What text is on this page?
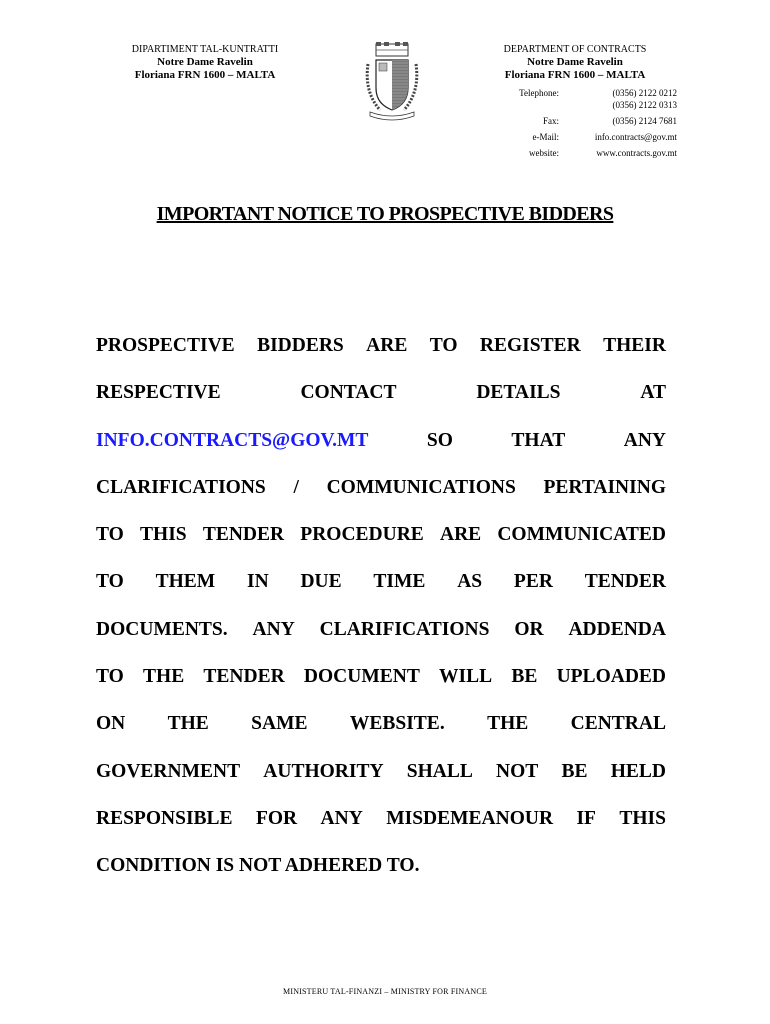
DIPARTIMENT TAL-KUNTRATTI
Notre Dame Ravelin
Floriana FRN 1600 – MALTA
DEPARTMENT OF CONTRACTS
Notre Dame Ravelin
Floriana FRN 1600 – MALTA
Telephone:	(0356) 2122 0212
(0356) 2122 0313
Fax:	(0356) 2124 7681
e-Mail:	info.contracts@gov.mt
website:	www.contracts.gov.mt
IMPORTANT NOTICE TO PROSPECTIVE BIDDERS
PROSPECTIVE BIDDERS ARE TO REGISTER THEIR
RESPECTIVE	CONTACT	DETAILS	AT
INFO.CONTRACTS@GOV.MT	SO	THAT	ANY
CLARIFICATIONS / COMMUNICATIONS PERTAINING
TO THIS TENDER PROCEDURE ARE COMMUNICATED
TO THEM IN DUE TIME AS PER TENDER
DOCUMENTS. ANY CLARIFICATIONS OR ADDENDA
TO THE TENDER DOCUMENT WILL BE UPLOADED
ON THE SAME WEBSITE. THE CENTRAL
GOVERNMENT AUTHORITY SHALL NOT BE HELD
RESPONSIBLE FOR ANY MISDEMEANOUR IF THIS
CONDITION IS NOT ADHERED TO.
MINISTERU TAL-FINANZI – MINISTRY FOR FINANCE
